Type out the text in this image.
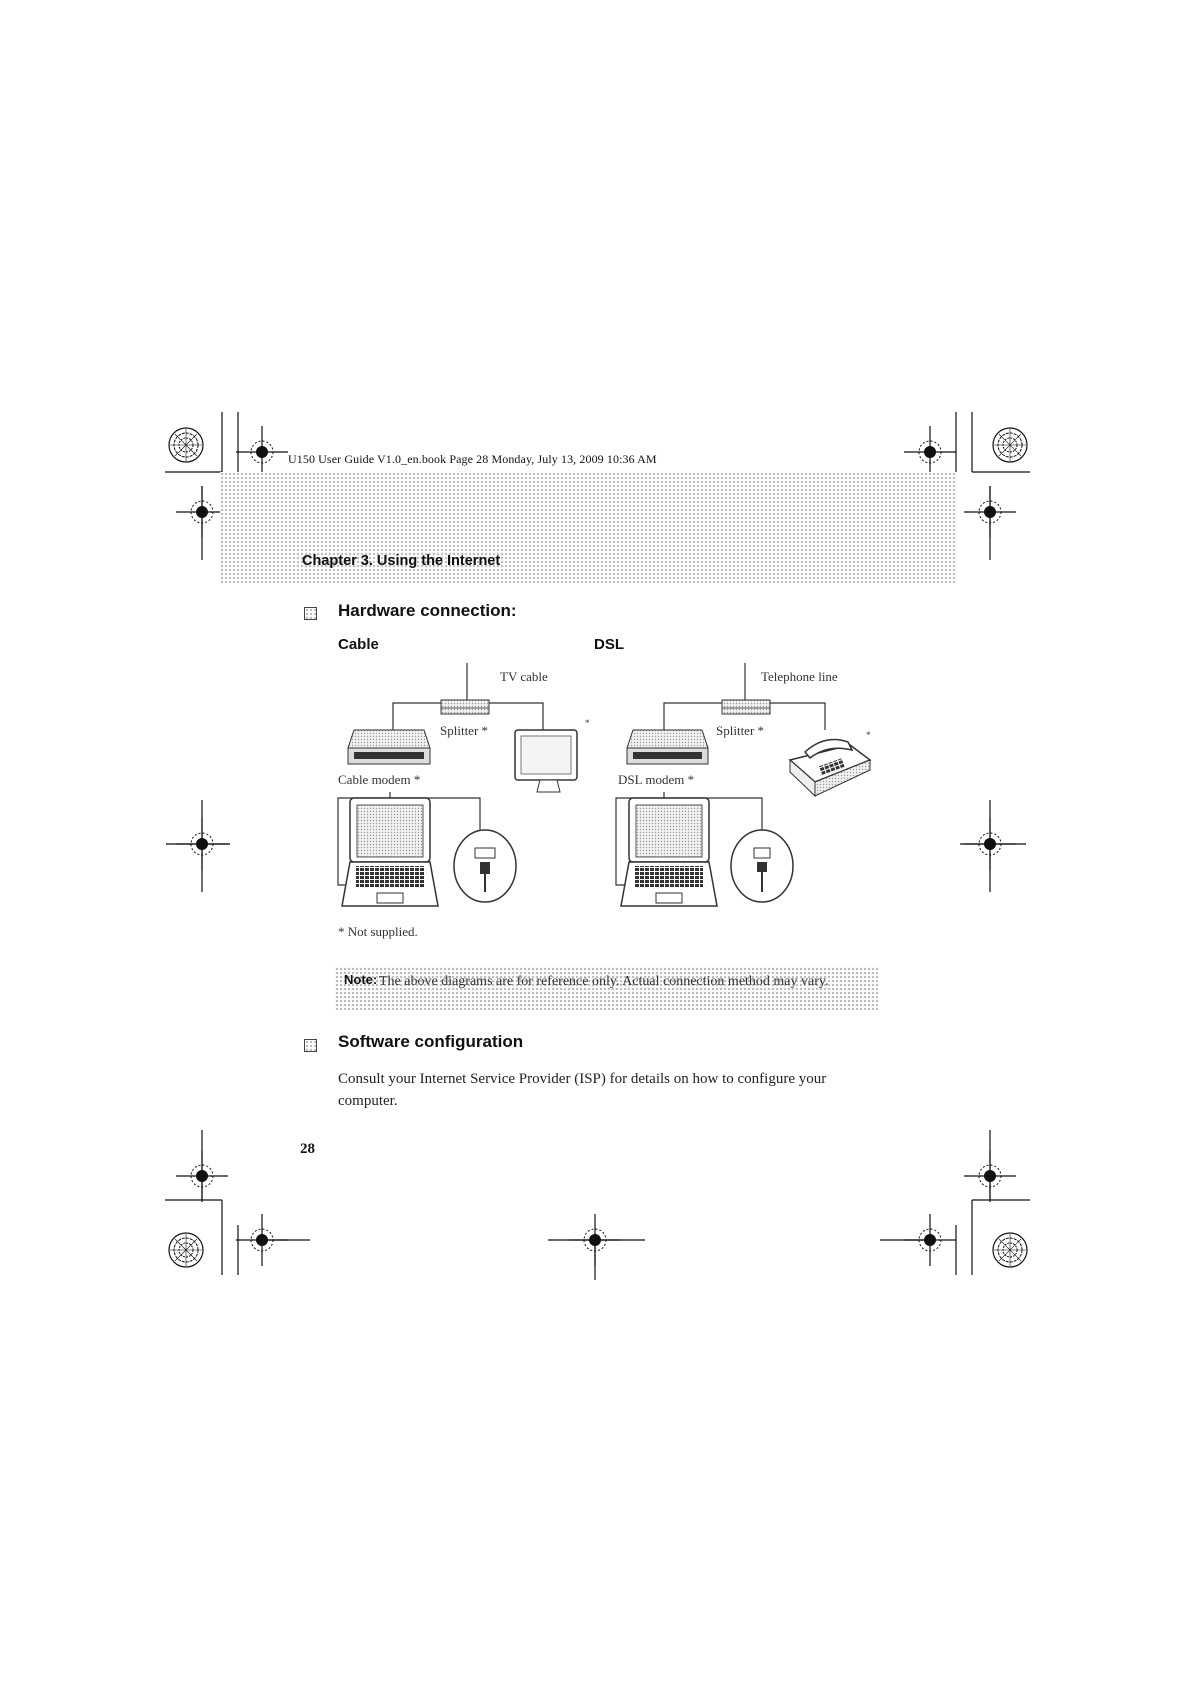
U150 User Guide V1.0_en.book Page 28 Monday, July 13, 2009 10:36 AM
Chapter 3. Using the Internet
Hardware connection:
Cable	DSL
TV cable
Splitter *	*
Cable modem *
Telephone line
Splitter *	*
DSL modem *
* Not supplied.
Note: The above diagrams are for reference only. Actual connection method may vary.
Software configuration
Consult your Internet Service Provider (ISP) for details on how to configure your computer.
28
